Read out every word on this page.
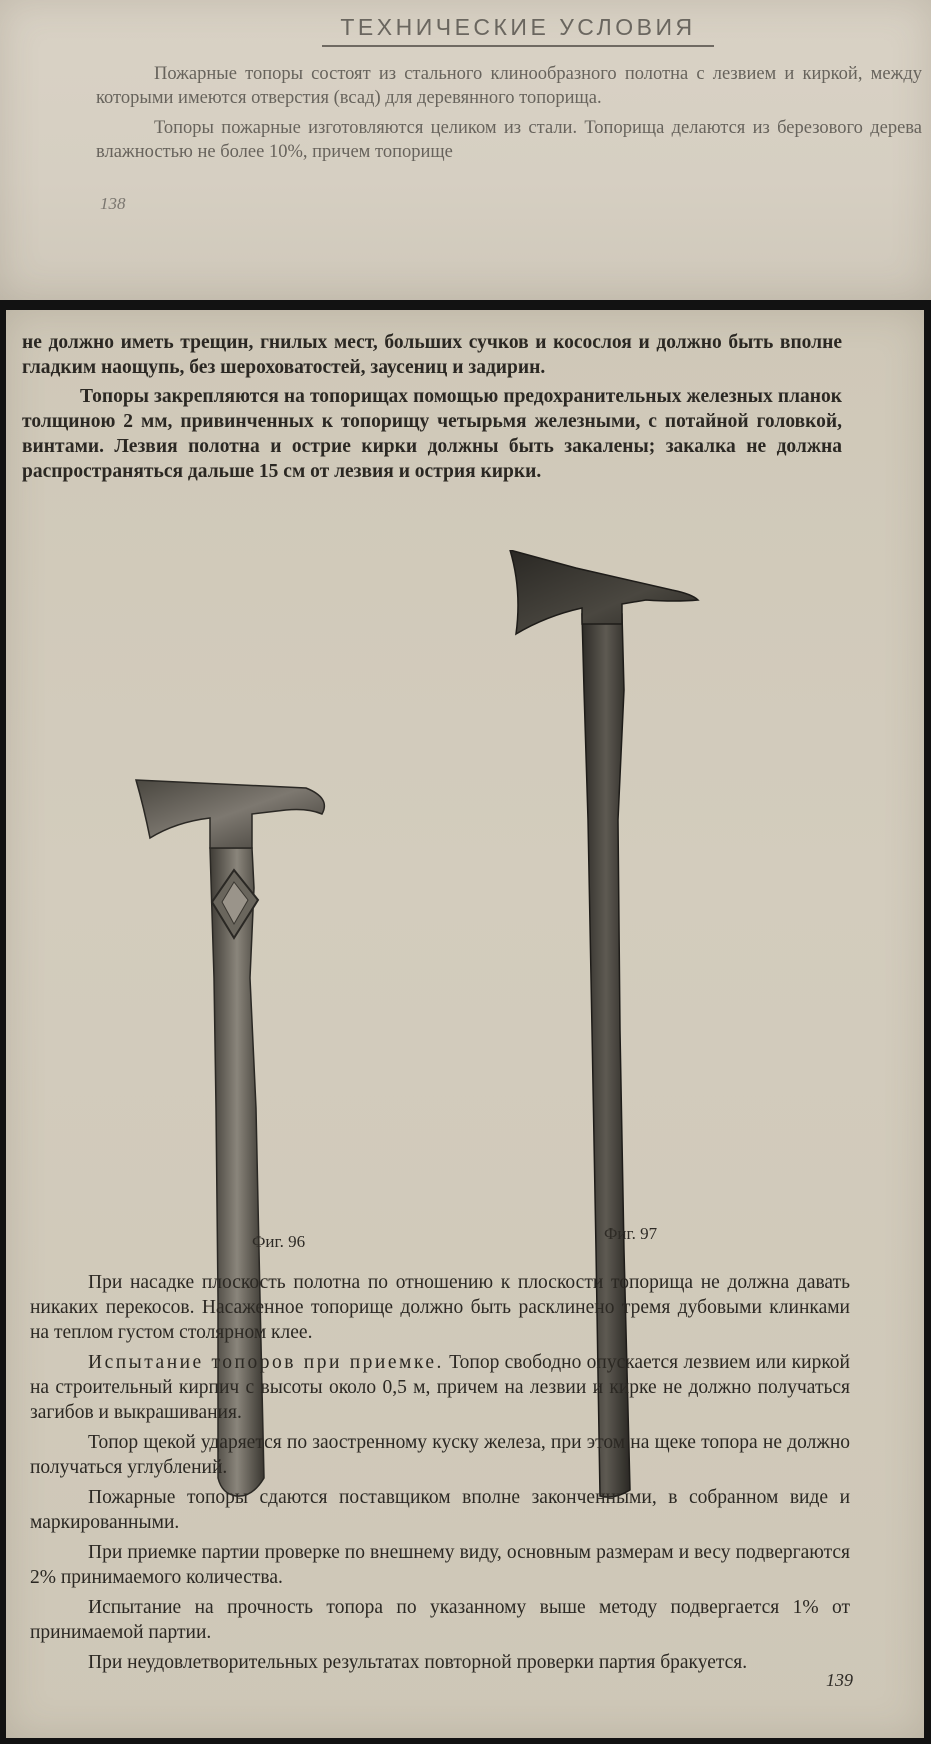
ТЕХНИЧЕСКИЕ УСЛОВИЯ

Пожарные топоры состоят из стального клинообразного полотна с лезвием и киркой, между которыми имеются отверстия (всад) для деревянного топорища.

Топоры пожарные изготовляются целиком из стали. Топорища делаются из березового дерева влажностью не более 10%, причем топорище

138

не должно иметь трещин, гнилых мест, больших сучков и косослоя и должно быть вполне гладким наощупь, без шероховатостей, заусениц и задирин.

Топоры закрепляются на топорищах помощью предохранительных железных планок толщиною 2 мм, привинченных к топорищу четырьмя железными, с потайной головкой, винтами. Лезвия полотна и острие кирки должны быть закалены; закалка не должна распространяться дальше 15 см от лезвия и острия кирки.

Фиг. 96	Фиг. 97

При насадке плоскость полотна по отношению к плоскости топорища не должна давать никаких перекосов. Насаженное топорище должно быть расклинено тремя дубовыми клинками на теплом густом столярном клее.

Испытание топоров при приемке. Топор свободно опускается лезвием или киркой на строительный кирпич с высоты около 0,5 м, причем на лезвии и кирке не должно получаться загибов и выкрашивания.

Топор щекой ударяется по заостренному куску железа, при этом на щеке топора не должно получаться углублений.

Пожарные топоры сдаются поставщиком вполне законченными, в собранном виде и маркированными.

При приемке партии проверке по внешнему виду, основным размерам и весу подвергаются 2% принимаемого количества.

Испытание на прочность топора по указанному выше методу подвергается 1% от принимаемой партии.

При неудовлетворительных результатах повторной проверки партия бракуется.

139
